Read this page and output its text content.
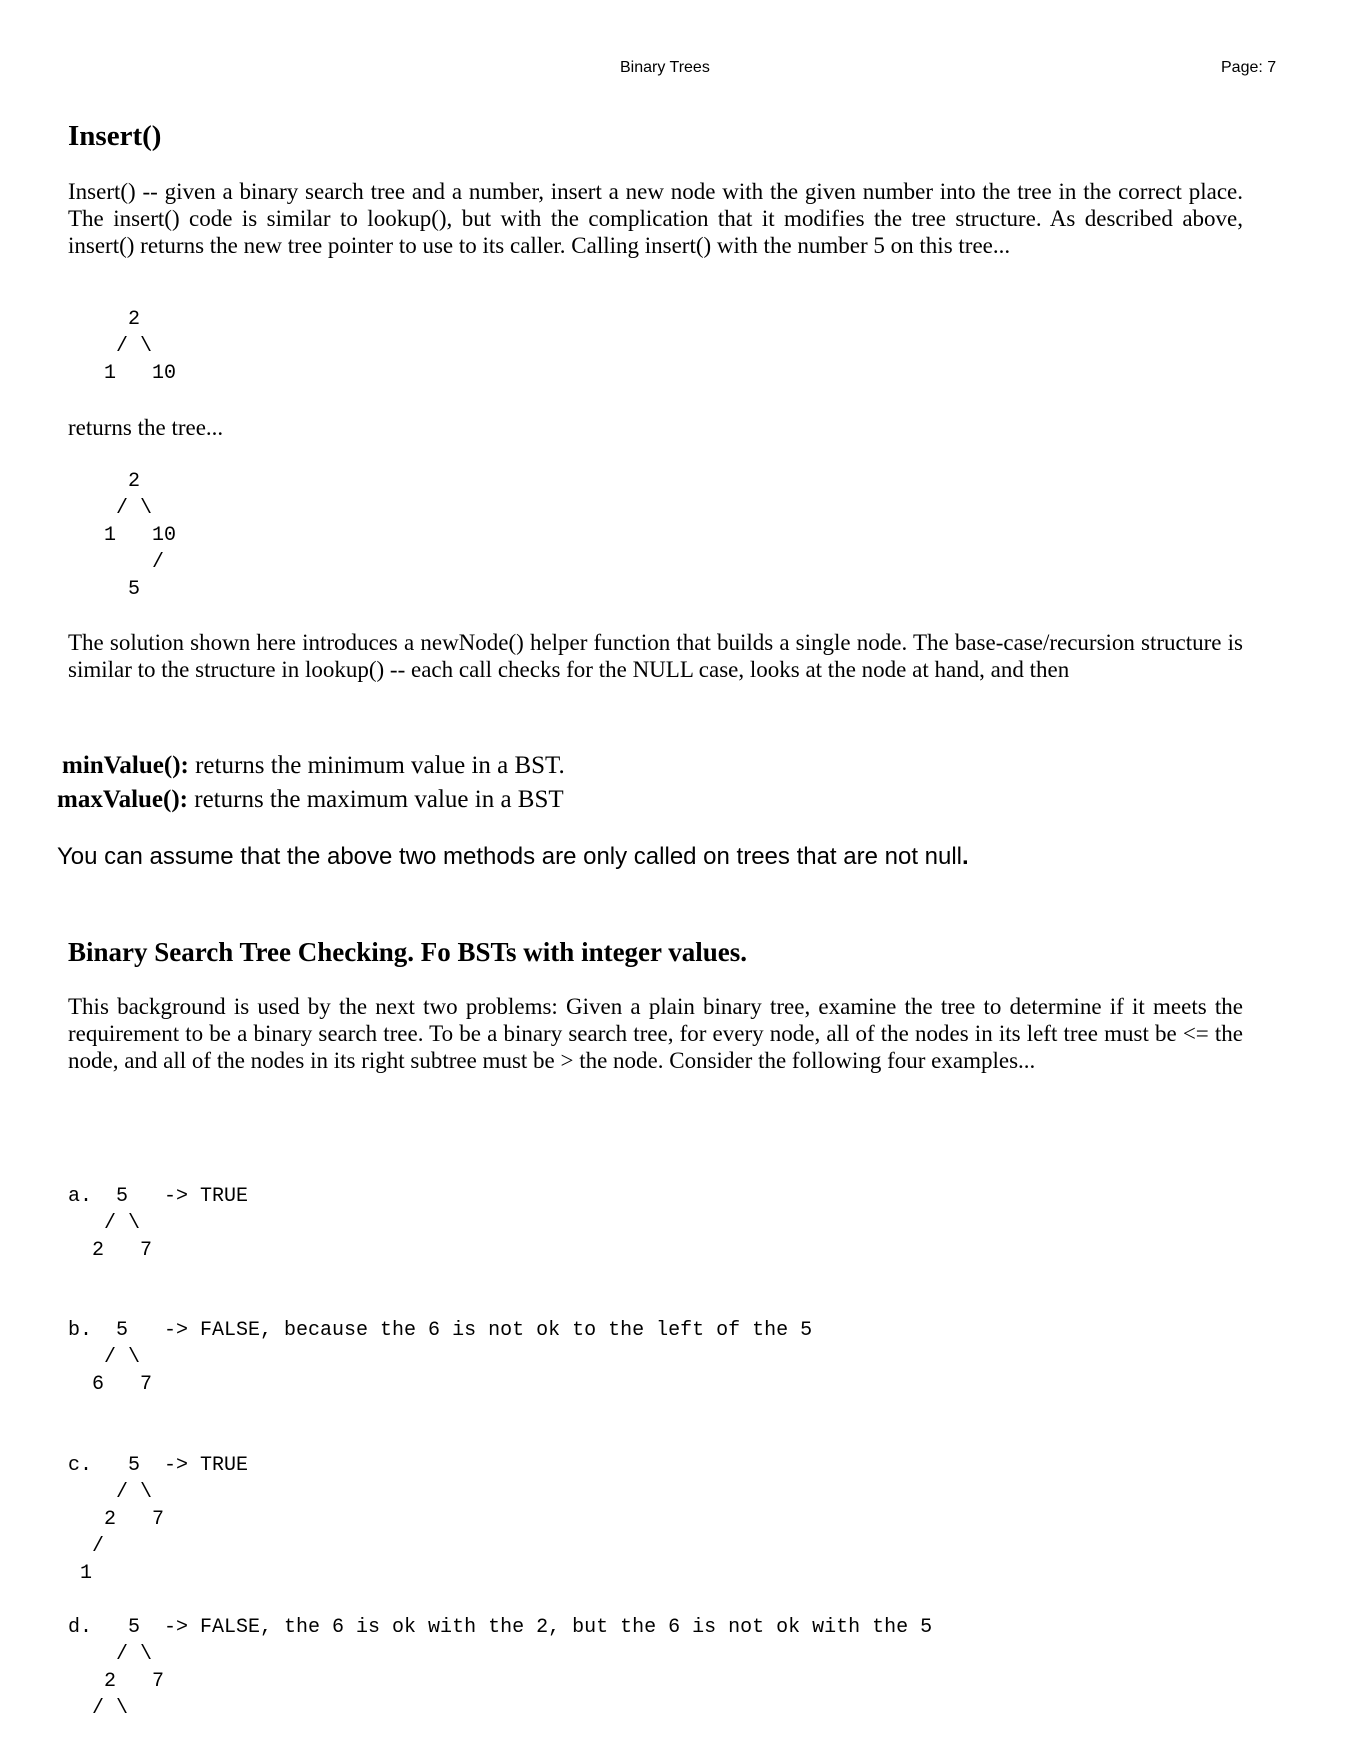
Binary Trees	Page: 7
Insert()
Insert() -- given a binary search tree and a number, insert a new node with the given number into the tree in the correct place. The insert() code is similar to lookup(), but with the complication that it modifies the tree structure. As described above, insert() returns the new tree pointer to use to its caller. Calling insert() with the number 5 on this tree...
2
/ \
1   10
returns the tree...
2
/ \
1   10
/
5
The solution shown here introduces a newNode() helper function that builds a single node. The base-case/recursion structure is similar to the structure in lookup() -- each call checks for the NULL case, looks at the node at hand, and then
minValue(): returns the minimum value in a BST.
maxValue(): returns the maximum value in a BST
You can assume that the above two methods are only called on trees that are not null.
Binary Search Tree Checking. Fo BSTs with integer values.
This background is used by the next two problems: Given a plain binary tree, examine the tree to determine if it meets the requirement to be a binary search tree. To be a binary search tree, for every node, all of the nodes in its left tree must be <= the node, and all of the nodes in its right subtree must be > the node. Consider the following four examples...
a.  5   -> TRUE
/ \
2   7
b.  5   -> FALSE, because the 6 is not ok to the left of the 5
/ \
6   7
c.   5  -> TRUE
/ \
2   7
/
1
d.   5  -> FALSE, the 6 is ok with the 2, but the 6 is not ok with the 5
/ \
2   7
/ \
